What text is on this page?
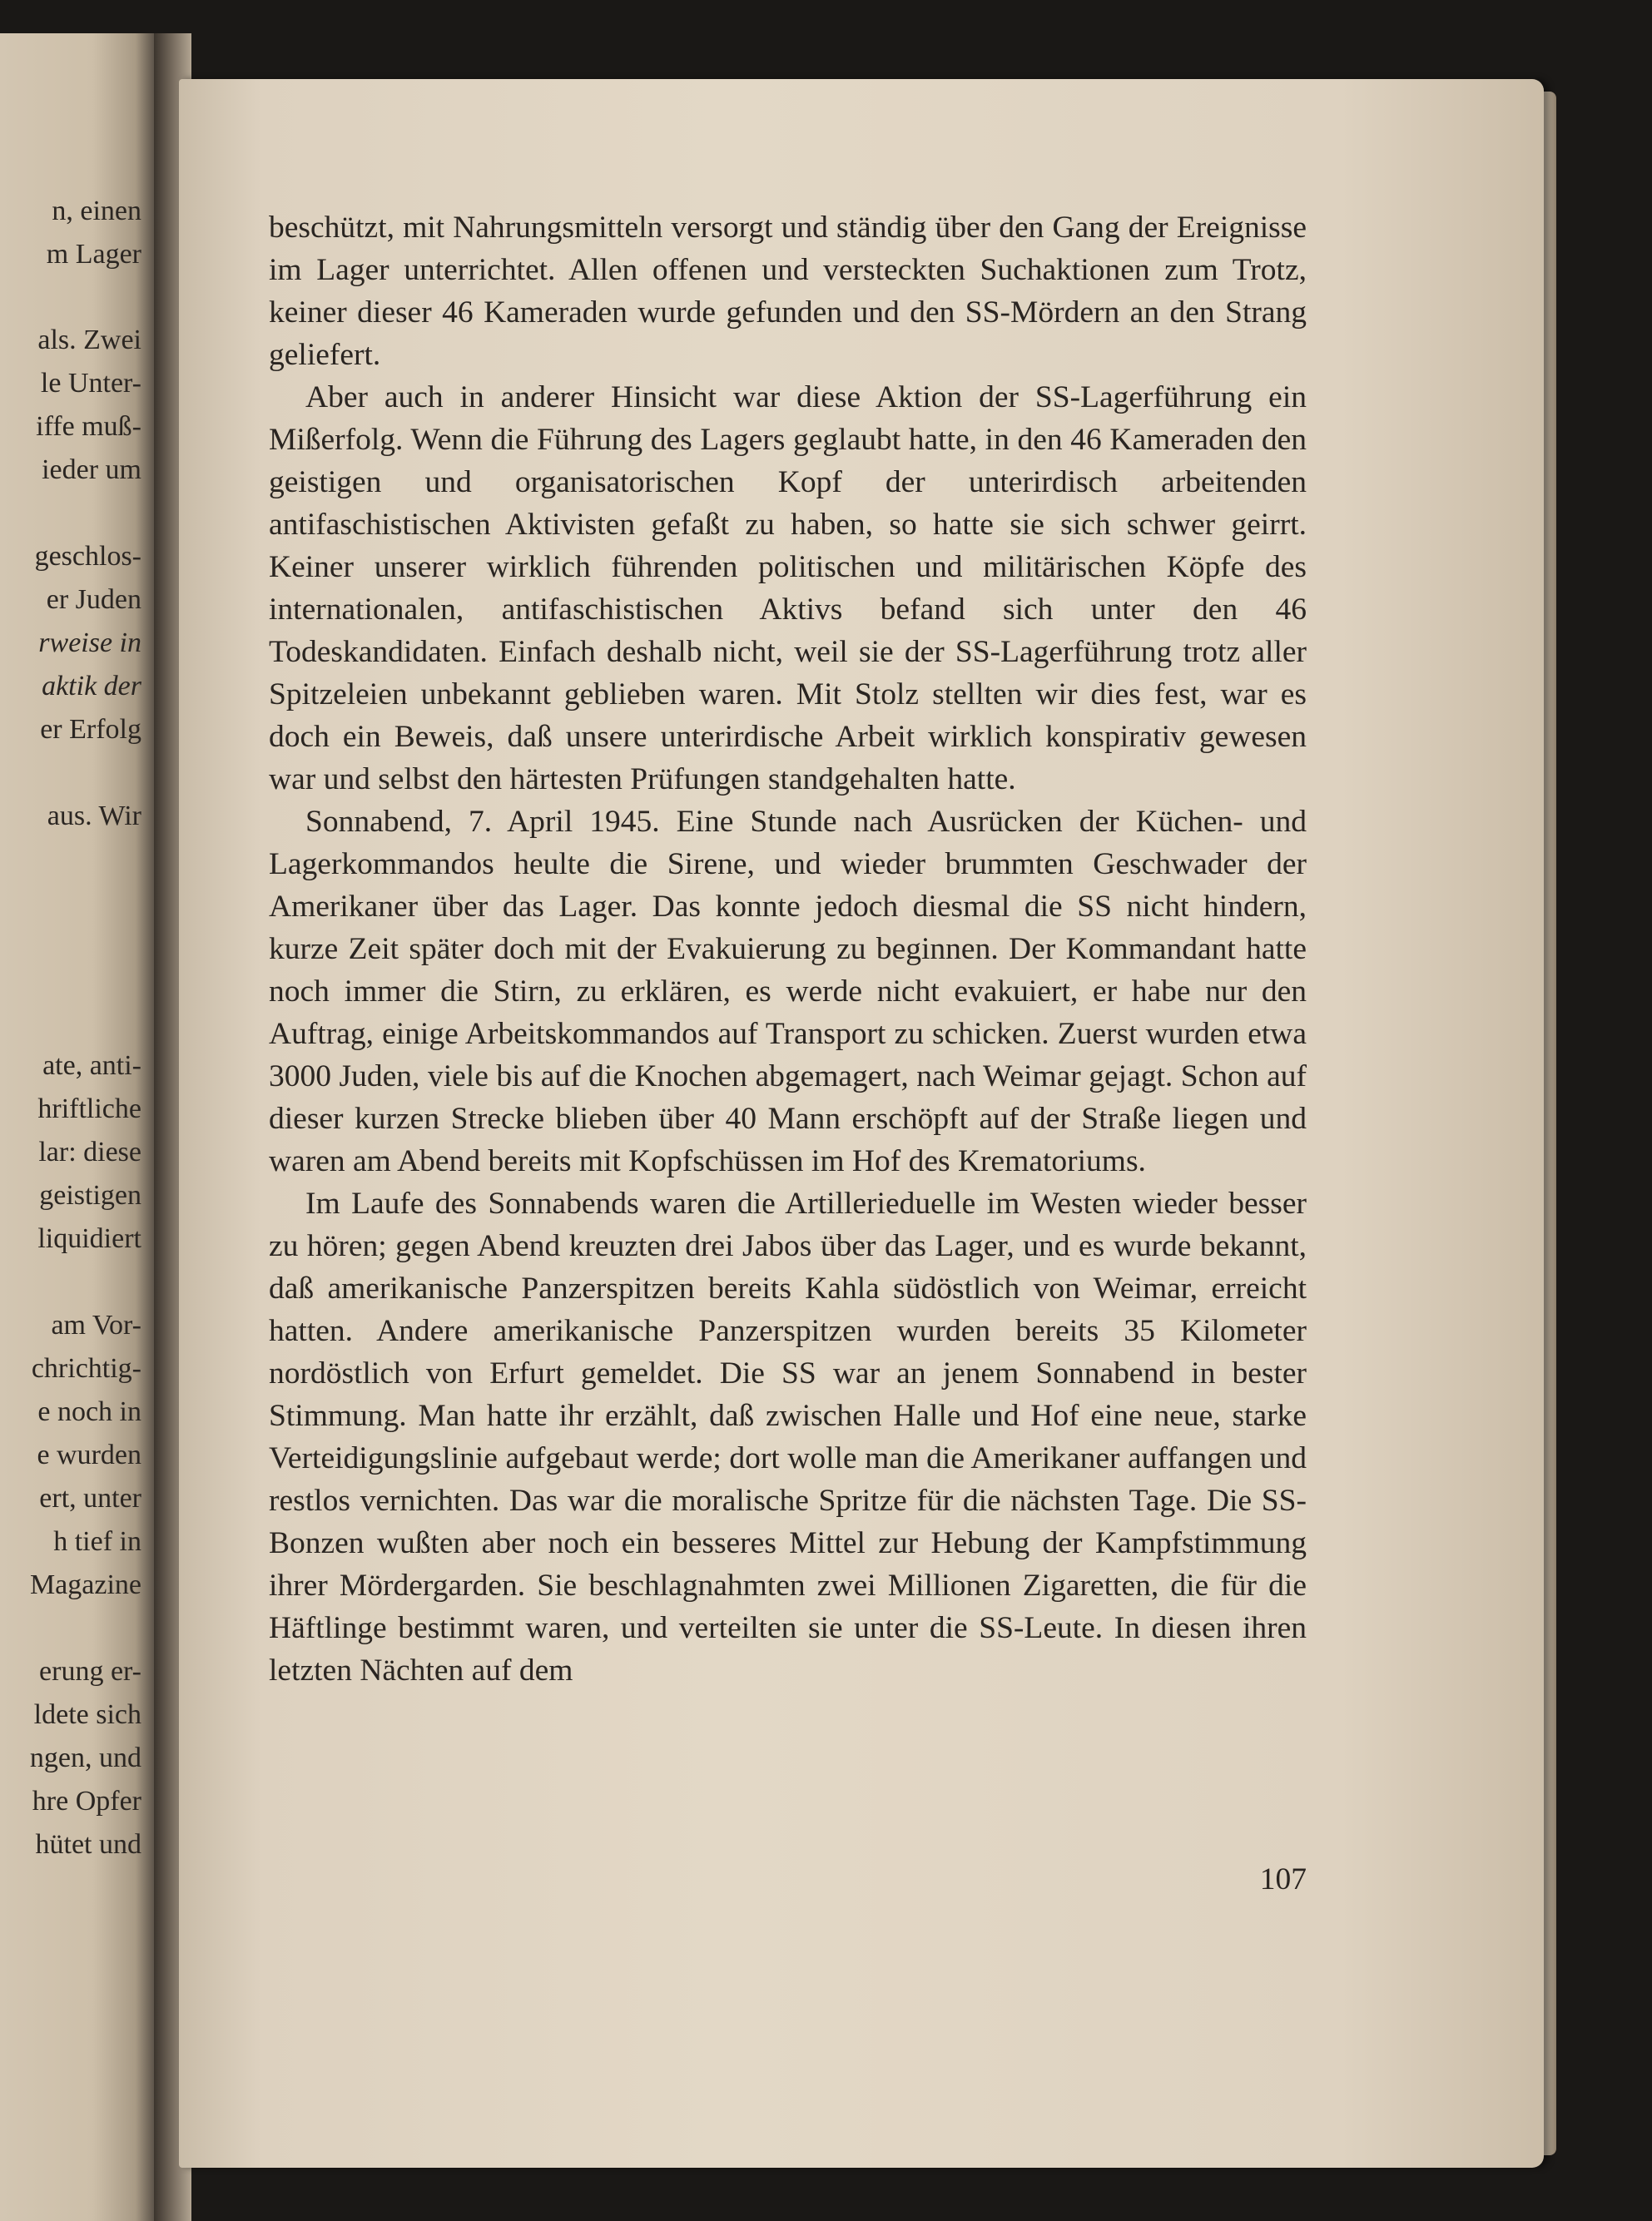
n, einen
m Lager
als. Zwei
le Unter-
iffe muß-
ieder um
geschlos-
er Juden
rweise in
aktik der
er Erfolg
aus. Wir
ate, anti-
hriftliche
lar: diese
geistigen
liquidiert
am Vor-
chrichtig-
e noch in
e wurden
ert, unter
h tief in
Magazine
erung er-
ldete sich
ngen, und
hre Opfer
hütet und

beschützt, mit Nahrungsmitteln versorgt und ständig über den Gang der Ereignisse im Lager unterrichtet. Allen offenen und versteckten Suchaktionen zum Trotz, keiner dieser 46 Kameraden wurde gefunden und den SS-Mördern an den Strang geliefert.

Aber auch in anderer Hinsicht war diese Aktion der SS-Lagerführung ein Mißerfolg. Wenn die Führung des Lagers geglaubt hatte, in den 46 Kameraden den geistigen und organisatorischen Kopf der unterirdisch arbeitenden antifaschistischen Aktivisten gefaßt zu haben, so hatte sie sich schwer geirrt. Keiner unserer wirklich führenden politischen und militärischen Köpfe des internationalen, antifaschistischen Aktivs befand sich unter den 46 Todeskandidaten. Einfach deshalb nicht, weil sie der SS-Lagerführung trotz aller Spitzeleien unbekannt geblieben waren. Mit Stolz stellten wir dies fest, war es doch ein Beweis, daß unsere unterirdische Arbeit wirklich konspirativ gewesen war und selbst den härtesten Prüfungen standgehalten hatte.

Sonnabend, 7. April 1945. Eine Stunde nach Ausrücken der Küchen- und Lagerkommandos heulte die Sirene, und wieder brummten Geschwader der Amerikaner über das Lager. Das konnte jedoch diesmal die SS nicht hindern, kurze Zeit später doch mit der Evakuierung zu beginnen. Der Kommandant hatte noch immer die Stirn, zu erklären, es werde nicht evakuiert, er habe nur den Auftrag, einige Arbeitskommandos auf Transport zu schicken. Zuerst wurden etwa 3000 Juden, viele bis auf die Knochen abgemagert, nach Weimar gejagt. Schon auf dieser kurzen Strecke blieben über 40 Mann erschöpft auf der Straße liegen und waren am Abend bereits mit Kopfschüssen im Hof des Krematoriums.

Im Laufe des Sonnabends waren die Artillerieduelle im Westen wieder besser zu hören; gegen Abend kreuzten drei Jabos über das Lager, und es wurde bekannt, daß amerikanische Panzerspitzen bereits Kahla südöstlich von Weimar, erreicht hatten. Andere amerikanische Panzerspitzen wurden bereits 35 Kilometer nordöstlich von Erfurt gemeldet. Die SS war an jenem Sonnabend in bester Stimmung. Man hatte ihr erzählt, daß zwischen Halle und Hof eine neue, starke Verteidigungslinie aufgebaut werde; dort wolle man die Amerikaner auffangen und restlos vernichten. Das war die moralische Spritze für die nächsten Tage. Die SS-Bonzen wußten aber noch ein besseres Mittel zur Hebung der Kampfstimmung ihrer Mördergarden. Sie beschlagnahmten zwei Millionen Zigaretten, die für die Häftlinge bestimmt waren, und verteilten sie unter die SS-Leute. In diesen ihren letzten Nächten auf dem

107
